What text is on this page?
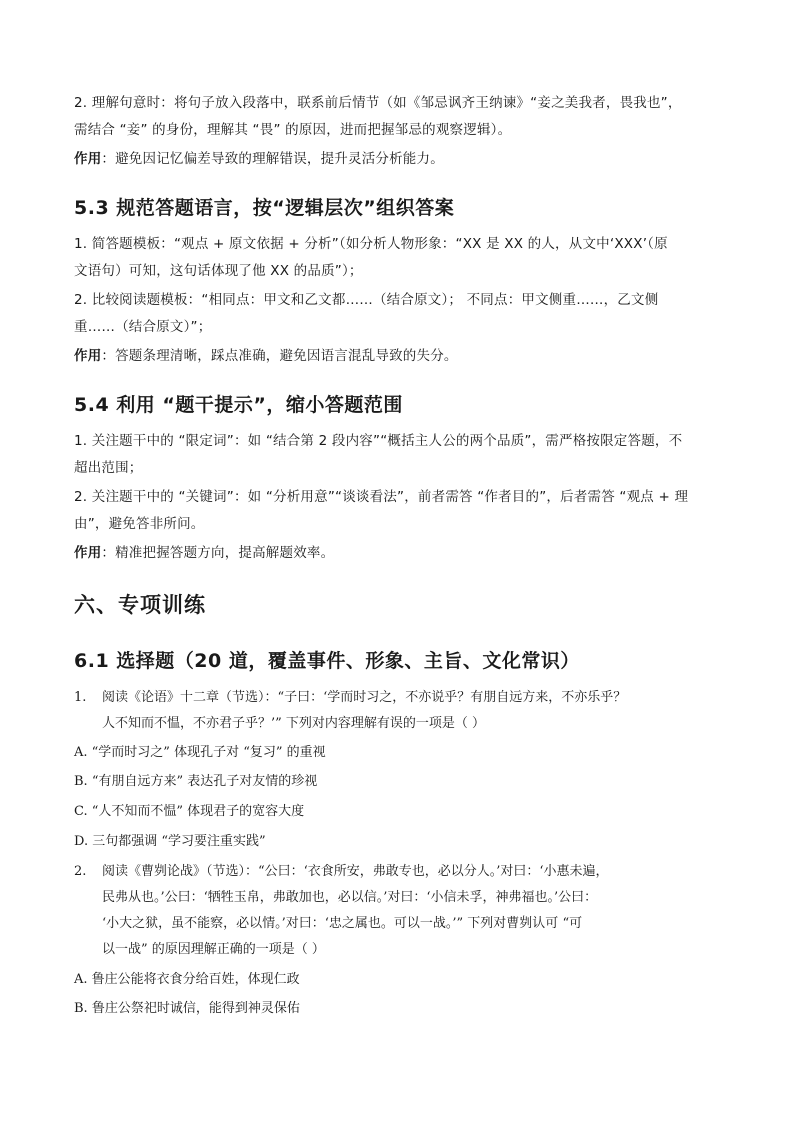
2. 理解句意时：将句子放入段落中，联系前后情节（如《邹忌讽齐王纳谏》“妾之美我者，畏我也”，
需结合 “妾” 的身份，理解其 “畏” 的原因，进而把握邹忌的观察逻辑）。
作用：避免因记忆偏差导致的理解错误，提升灵活分析能力。
5.3 规范答题语言，按“逻辑层次”组织答案
1. 简答题模板：“观点 + 原文依据 + 分析”（如分析人物形象：“XX 是 XX 的人，从文中‘XXX’（原
文语句）可知，这句话体现了他 XX 的品质”）；
2. 比较阅读题模板：“相同点：甲文和乙文都……（结合原文）； 不同点：甲文侧重……，乙文侧
重……（结合原文）”；
作用：答题条理清晰，踩点准确，避免因语言混乱导致的失分。
5.4 利用 “题干提示”，缩小答题范围
1. 关注题干中的 “限定词”：如 “结合第 2 段内容”“概括主人公的两个品质”，需严格按限定答题，不
超出范围；
2. 关注题干中的 “关键词”：如 “分析用意”“谈谈看法”，前者需答 “作者目的”，后者需答 “观点 + 理
由”，避免答非所问。
作用：精准把握答题方向，提高解题效率。
六、专项训练
6.1 选择题（20 道，覆盖事件、形象、主旨、文化常识）
1.	阅读《论语》十二章（节选）：“子曰：‘学而时习之，不亦说乎？有朋自远方来，不亦乐乎？
人不知而不愠，不亦君子乎？’” 下列对内容理解有误的一项是（ ）
A. “学而时习之” 体现孔子对 “复习” 的重视
B. “有朋自远方来” 表达孔子对友情的珍视
C. “人不知而不愠” 体现君子的宽容大度
D. 三句都强调 “学习要注重实践”
2.	阅读《曹刿论战》（节选）：“公曰：‘衣食所安，弗敢专也，必以分人。’对曰：‘小惠未遍，
民弗从也。’公曰：‘牺牲玉帛，弗敢加也，必以信。’对曰：‘小信未孚，神弗福也。’公曰：
‘小大之狱，虽不能察，必以情。’对曰：‘忠之属也。可以一战。’” 下列对曹刿认可 “可
以一战” 的原因理解正确的一项是（ ）
A. 鲁庄公能将衣食分给百姓，体现仁政
B. 鲁庄公祭祀时诚信，能得到神灵保佑
